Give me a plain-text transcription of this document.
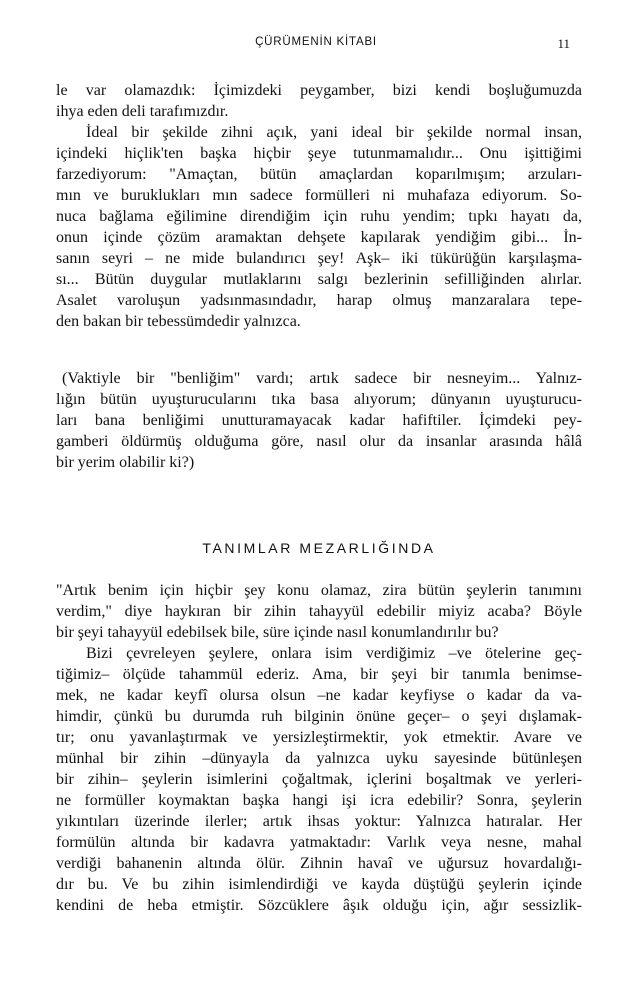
ÇÜRÜMENİN KİTABI	11
le var olamazdık: İçimizdeki peygamber, bizi kendi boşluğumuzda
ihya eden deli tarafımızdır.
İdeal bir şekilde zihni açık, yani ideal bir şekilde normal insan,
içindeki hiçlik'ten başka hiçbir şeye tutunmamalıdır... Onu işittiğimi
farzediyorum: "Amaçtan, bütün amaçlardan koparılmışım; arzuları-
mın ve buruklukları mın sadece formülleri ni muhafaza ediyorum. So-
nuca bağlama eğilimine direndiğim için ruhu yendim; tıpkı hayatı da,
onun içinde çözüm aramaktan dehşete kapılarak yendiğim gibi... İn-
sanın seyri – ne mide bulandırıcı şey! Aşk– iki tükürüğün karşılaşma-
sı... Bütün duygular mutlaklarını salgı bezlerinin sefilliğinden alırlar.
Asalet varoluşun yadsınmasındadır, harap olmuş manzaralara tepe-
den bakan bir tebessümdedir yalnızca.
(Vaktiyle bir "benliğim" vardı; artık sadece bir nesneyim... Yalnız-
lığın bütün uyuşturucularını tıka basa alıyorum; dünyanın uyuşturucu-
ları bana benliğimi unutturamayacak kadar hafiftiler. İçimdeki pey-
gamberi öldürmüş olduğuma göre, nasıl olur da insanlar arasında hâlâ
bir yerim olabilir ki?)
TANIMLAR MEZARLIĞINDA
"Artık benim için hiçbir şey konu olamaz, zira bütün şeylerin tanımını
verdim," diye haykıran bir zihin tahayyül edebilir miyiz acaba? Böyle
bir şeyi tahayyül edebilsek bile, süre içinde nasıl konumlandırılır bu?
Bizi çevreleyen şeylere, onlara isim verdiğimiz –ve ötelerine geç-
tiğimiz– ölçüde tahammül ederiz. Ama, bir şeyi bir tanımla benimse-
mek, ne kadar keyfî olursa olsun –ne kadar keyfiyse o kadar da va-
himdir, çünkü bu durumda ruh bilginin önüne geçer– o şeyi dışlamak-
tır; onu yavanlaştırmak ve yersizleştirmektir, yok etmektir. Avare ve
münhal bir zihin –dünyayla da yalnızca uyku sayesinde bütünleşen
bir zihin– şeylerin isimlerini çoğaltmak, içlerini boşaltmak ve yerleri-
ne formüller koymaktan başka hangi işi icra edebilir? Sonra, şeylerin
yıkıntıları üzerinde ilerler; artık ihsas yoktur: Yalnızca hatıralar. Her
formülün altında bir kadavra yatmaktadır: Varlık veya nesne, mahal
verdiği bahanenin altında ölür. Zihnin havaî ve uğursuz hovardalığı-
dır bu. Ve bu zihin isimlendirdiği ve kayda düştüğü şeylerin içinde
kendini de heba etmiştir. Sözcüklere âşık olduğu için, ağır sessizlik-
